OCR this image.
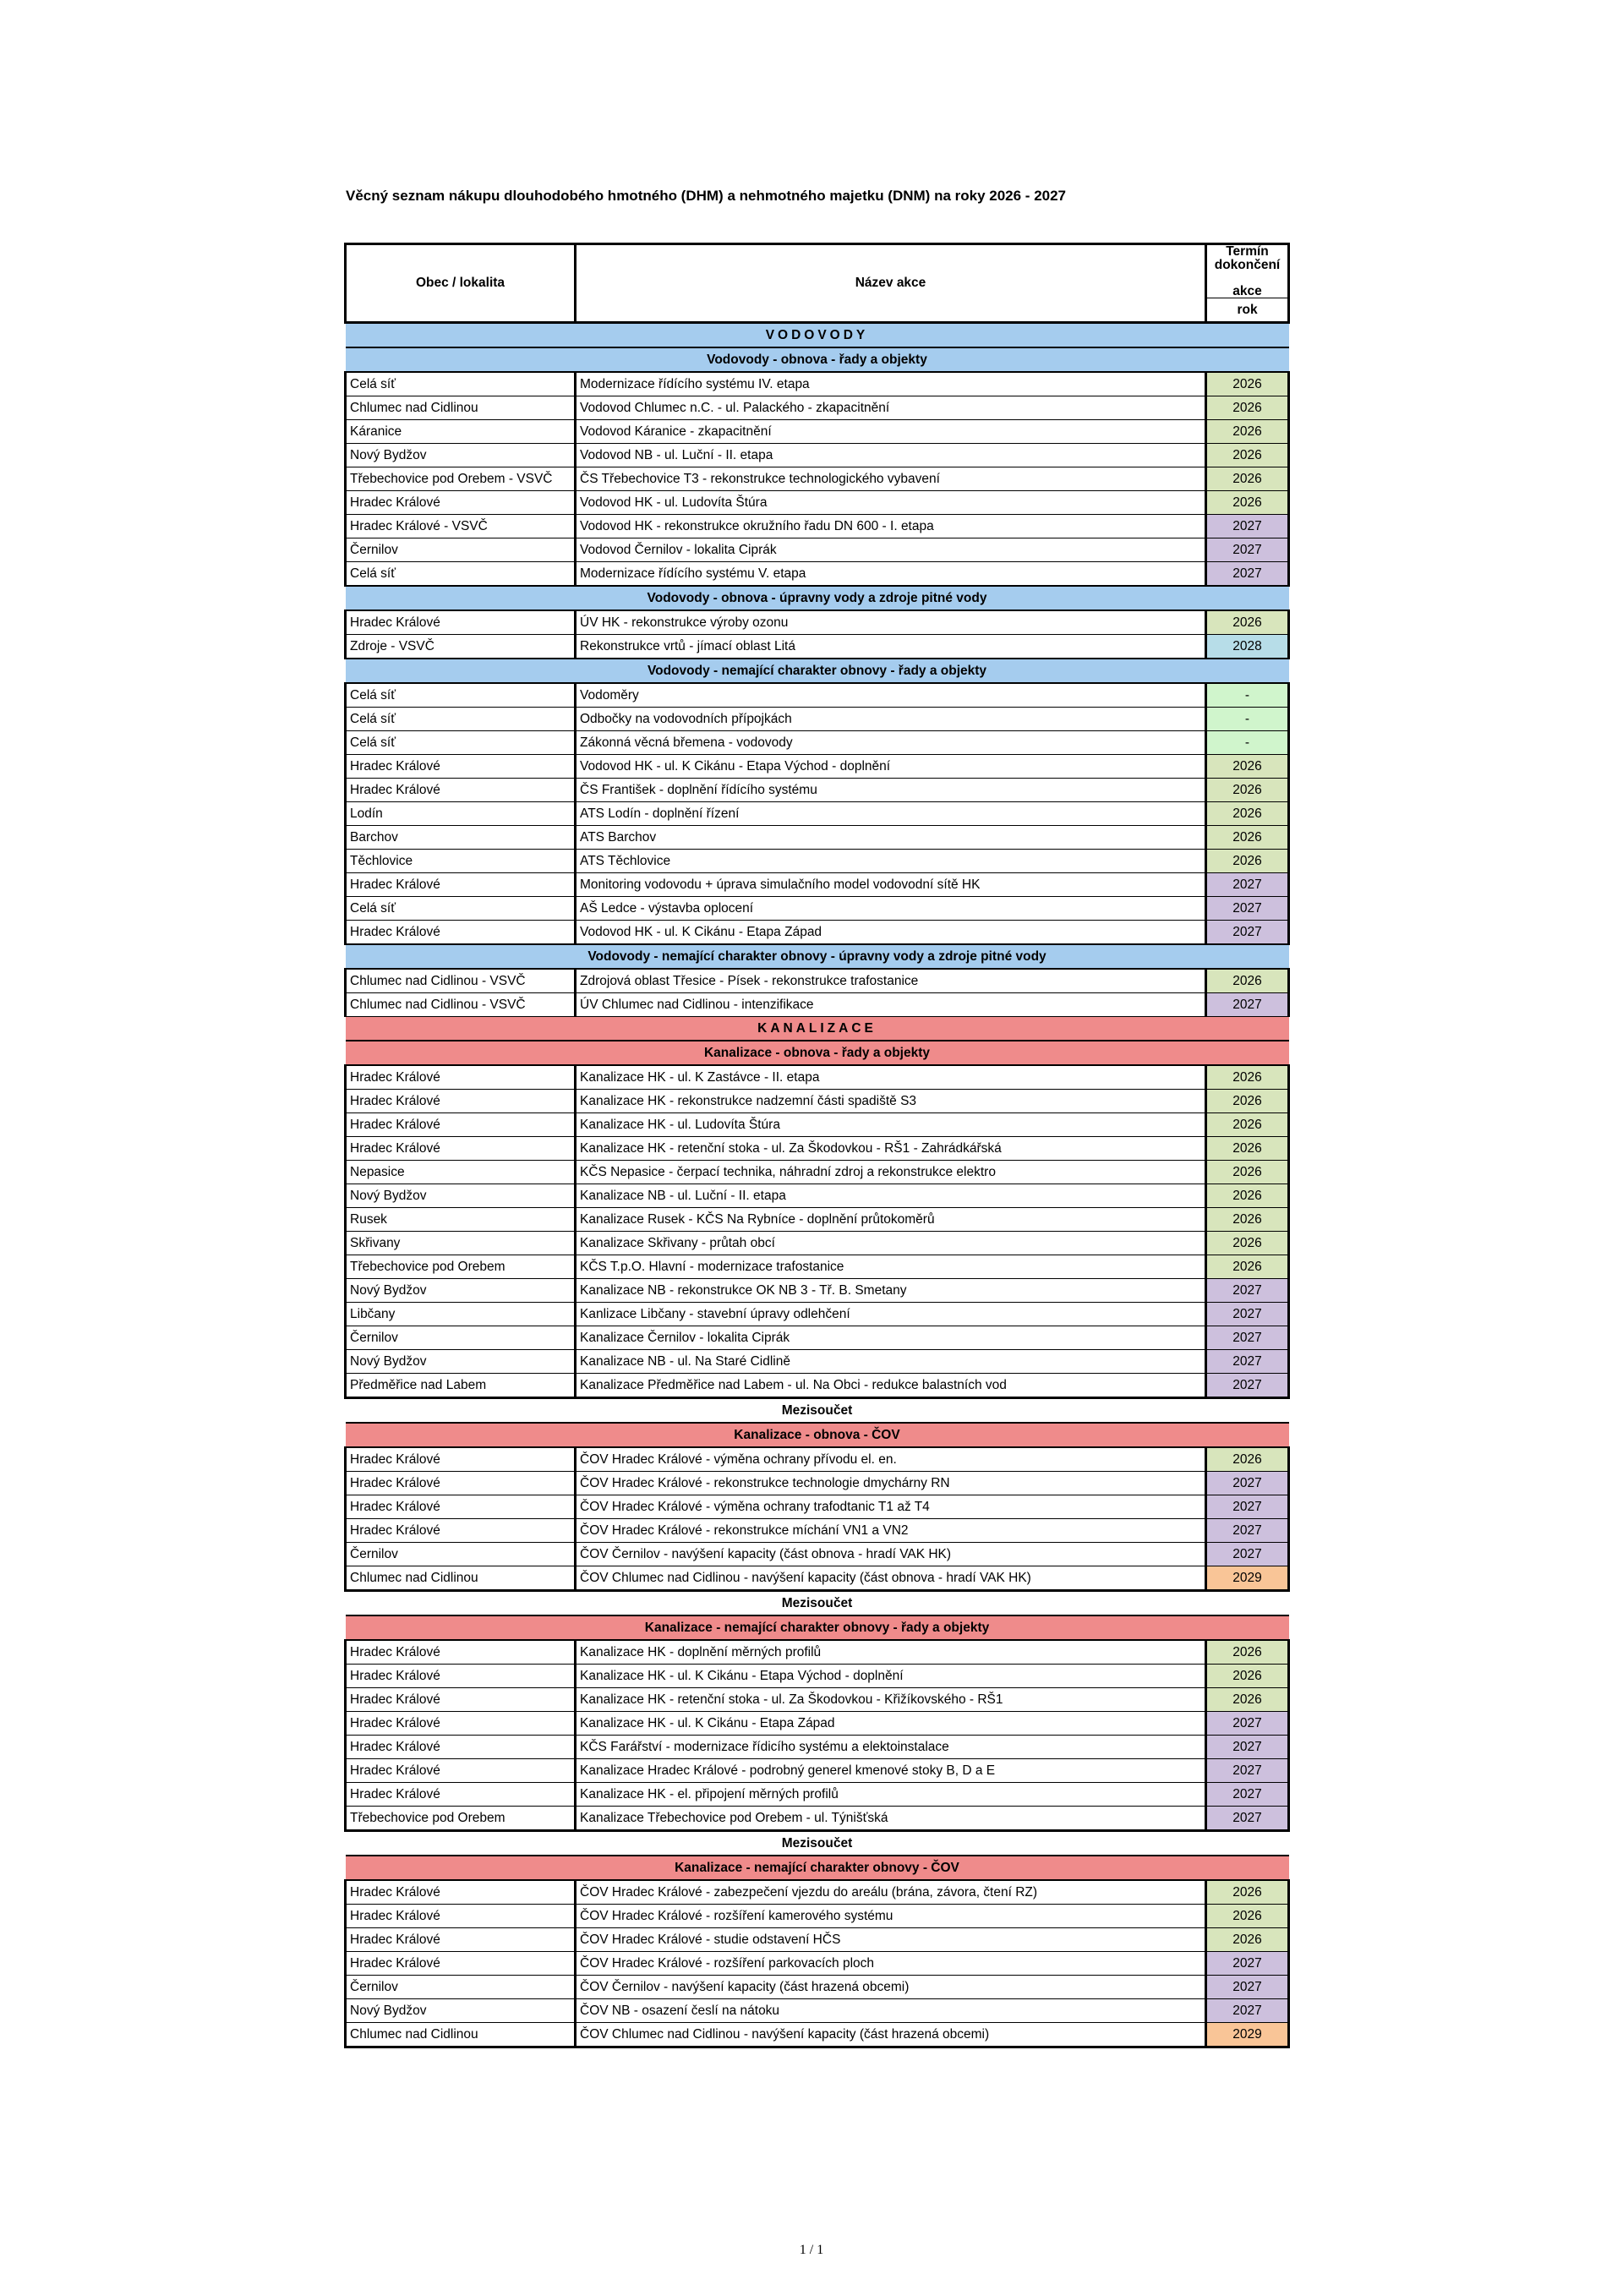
Věcný seznam nákupu dlouhodobého hmotného (DHM) a nehmotného majetku (DNM) na roky 2026 - 2027
Obec / lokalita	Název akce	Termín
dokončení

akce
		rok
VODOVODY		
Vodovody - obnova - řady a objekty		
Celá síť	Modernizace řídícího systému IV. etapa	2026
Chlumec nad Cidlinou	Vodovod Chlumec n.C. - ul. Palackého - zkapacitnění	2026
Káranice	Vodovod Káranice - zkapacitnění	2026
Nový Bydžov	Vodovod NB - ul. Luční - II. etapa	2026
Třebechovice pod Orebem - VSVČ	ČS Třebechovice T3 - rekonstrukce technologického vybavení	2026
Hradec Králové	Vodovod HK - ul. Ludovíta Štúra	2026
Hradec Králové - VSVČ	Vodovod HK - rekonstrukce okružního řadu DN 600 - I. etapa	2027
Černilov	Vodovod Černilov - lokalita Ciprák	2027
Celá síť	Modernizace řídícího systému V. etapa	2027
Vodovody - obnova - úpravny vody a zdroje pitné vody		
Hradec Králové	ÚV HK - rekonstrukce výroby ozonu	2026
Zdroje - VSVČ	Rekonstrukce vrtů - jímací oblast Litá	2028
Vodovody - nemající charakter obnovy - řady a objekty		
Celá síť	Vodoměry	-
Celá síť	Odbočky na vodovodních přípojkách	-
Celá síť	Zákonná věcná břemena - vodovody	-
Hradec Králové	Vodovod HK - ul. K Cikánu - Etapa Východ - doplnění	2026
Hradec Králové	ČS František - doplnění řídícího systému	2026
Lodín	ATS Lodín - doplnění řízení	2026
Barchov	ATS Barchov	2026
Těchlovice	ATS Těchlovice	2026
Hradec Králové	Monitoring vodovodu + úprava simulačního model vodovodní sítě HK	2027
Celá síť	AŠ Ledce - výstavba oplocení	2027
Hradec Králové	Vodovod HK - ul. K Cikánu - Etapa Západ	2027
Vodovody - nemající charakter obnovy - úpravny vody a zdroje pitné vody		
Chlumec nad Cidlinou - VSVČ	Zdrojová oblast Třesice - Písek - rekonstrukce trafostanice	2026
Chlumec nad Cidlinou - VSVČ	ÚV Chlumec nad Cidlinou - intenzifikace	2027
KANALIZACE		
Kanalizace - obnova - řady a objekty		
Hradec Králové	Kanalizace HK - ul. K Zastávce - II. etapa	2026
Hradec Králové	Kanalizace HK - rekonstrukce nadzemní části spadiště S3	2026
Hradec Králové	Kanalizace HK - ul. Ludovíta Štúra	2026
Hradec Králové	Kanalizace HK - retenční stoka - ul. Za Škodovkou - RŠ1 - Zahrádkářská	2026
Nepasice	KČS Nepasice - čerpací technika, náhradní zdroj a rekonstrukce elektro	2026
Nový Bydžov	Kanalizace NB - ul. Luční - II. etapa	2026
Rusek	Kanalizace Rusek - KČS Na Rybníce - doplnění průtokoměrů	2026
Skřivany	Kanalizace Skřivany - průtah obcí	2026
Třebechovice pod Orebem	KČS T.p.O. Hlavní - modernizace trafostanice	2026
Nový Bydžov	Kanalizace NB - rekonstrukce OK NB 3 - Tř. B. Smetany	2027
Libčany	Kanlizace Libčany - stavební úpravy odlehčení	2027
Černilov	Kanalizace Černilov - lokalita Ciprák	2027
Nový Bydžov	Kanalizace NB - ul. Na Staré Cidlině	2027
Předměřice nad Labem	Kanalizace Předměřice nad Labem - ul. Na Obci - redukce balastních vod	2027
Mezisoučet		
Kanalizace - obnova - ČOV		
Hradec Králové	ČOV Hradec Králové - výměna ochrany přívodu el. en.	2026
Hradec Králové	ČOV Hradec Králové - rekonstrukce technologie dmychárny RN	2027
Hradec Králové	ČOV Hradec Králové - výměna ochrany trafodtanic T1 až T4	2027
Hradec Králové	ČOV Hradec Králové - rekonstrukce míchání VN1 a VN2	2027
Černilov	ČOV Černilov - navýšení kapacity (část obnova - hradí VAK HK)	2027
Chlumec nad Cidlinou	ČOV Chlumec nad Cidlinou - navýšení kapacity (část obnova - hradí VAK HK)	2029
Mezisoučet		
Kanalizace - nemající charakter obnovy - řady a objekty		
Hradec Králové	Kanalizace HK - doplnění měrných profilů	2026
Hradec Králové	Kanalizace HK - ul. K Cikánu - Etapa Východ - doplnění	2026
Hradec Králové	Kanalizace HK - retenční stoka - ul. Za Škodovkou - Křižíkovského - RŠ1	2026
Hradec Králové	Kanalizace HK - ul. K Cikánu - Etapa Západ	2027
Hradec Králové	KČS Farářství - modernizace řídicího systému a elektoinstalace	2027
Hradec Králové	Kanalizace Hradec Králové - podrobný generel kmenové stoky B, D a E	2027
Hradec Králové	Kanalizace HK - el. připojení měrných profilů	2027
Třebechovice pod Orebem	Kanalizace Třebechovice pod Orebem - ul. Týnišťská	2027
Mezisoučet		
Kanalizace - nemající charakter obnovy - ČOV		
Hradec Králové	ČOV Hradec Králové - zabezpečení vjezdu do areálu (brána, závora, čtení RZ)	2026
Hradec Králové	ČOV Hradec Králové - rozšíření kamerového systému	2026
Hradec Králové	ČOV Hradec Králové - studie odstavení HČS	2026
Hradec Králové	ČOV Hradec Králové - rozšíření parkovacích ploch	2027
Černilov	ČOV Černilov - navýšení kapacity (část hrazená obcemi)	2027
Nový Bydžov	ČOV NB - osazení česlí na nátoku	2027
Chlumec nad Cidlinou	ČOV Chlumec nad Cidlinou - navýšení kapacity (část hrazená obcemi)	2029
1 / 1
